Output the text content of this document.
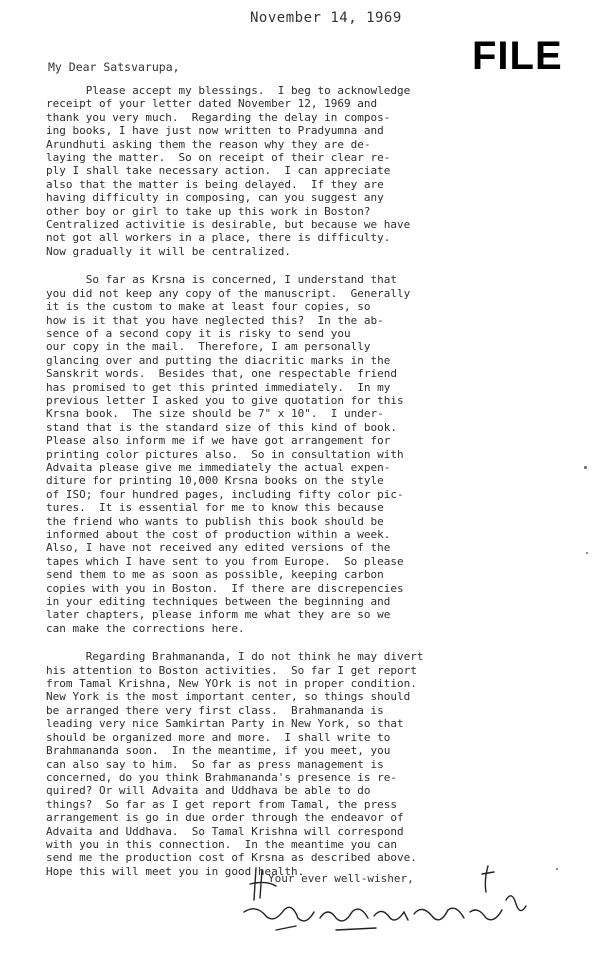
November 14, 1969
FILE
My Dear Satsvarupa,
Please accept my blessings.  I beg to acknowledge
receipt of your letter dated November 12, 1969 and
thank you very much.  Regarding the delay in compos-
ing books, I have just now written to Pradyumna and
Arundhuti asking them the reason why they are de-
laying the matter.  So on receipt of their clear re-
ply I shall take necessary action.  I can appreciate
also that the matter is being delayed.  If they are
having difficulty in composing, can you suggest any
other boy or girl to take up this work in Boston?
Centralized activitie is desirable, but because we have
not got all workers in a place, there is difficulty.
Now gradually it will be centralized.
So far as Krsna is concerned, I understand that
you did not keep any copy of the manuscript.  Generally
it is the custom to make at least four copies, so
how is it that you have neglected this?  In the ab-
sence of a second copy it is risky to send you
our copy in the mail.  Therefore, I am personally
glancing over and putting the diacritic marks in the
Sanskrit words.  Besides that, one respectable friend
has promised to get this printed immediately.  In my
previous letter I asked you to give quotation for this
Krsna book.  The size should be 7" x 10".  I under-
stand that is the standard size of this kind of book.
Please also inform me if we have got arrangement for
printing color pictures also.  So in consultation with
Advaita please give me immediately the actual expen-
diture for printing 10,000 Krsna books on the style
of ISO; four hundred pages, including fifty color pic-
tures.  It is essential for me to know this because
the friend who wants to publish this book should be
informed about the cost of production within a week.
Also, I have not received any edited versions of the
tapes which I have sent to you from Europe.  So please
send them to me as soon as possible, keeping carbon
copies with you in Boston.  If there are discrepencies
in your editing techniques between the beginning and
later chapters, please inform me what they are so we
can make the corrections here.
Regarding Brahmananda, I do not think he may divert
his attention to Boston activities.  So far I get report
from Tamal Krishna, New YOrk is not in proper condition.
New York is the most important center, so things should
be arranged there very first class.  Brahmananda is
leading very nice Samkirtan Party in New York, so that
should be organized more and more.  I shall write to
Brahmananda soon.  In the meantime, if you meet, you
can also say to him.  So far as press management is
concerned, do you think Brahmananda's presence is re-
quired? Or will Advaita and Uddhava be able to do
things?  So far as I get report from Tamal, the press
arrangement is go in due order through the endeavor of
Advaita and Uddhava.  So Tamal Krishna will correspond
with you in this connection.  In the meantime you can
send me the production cost of Krsna as described above.
Hope this will meet you in good health.
Your ever well-wisher,
